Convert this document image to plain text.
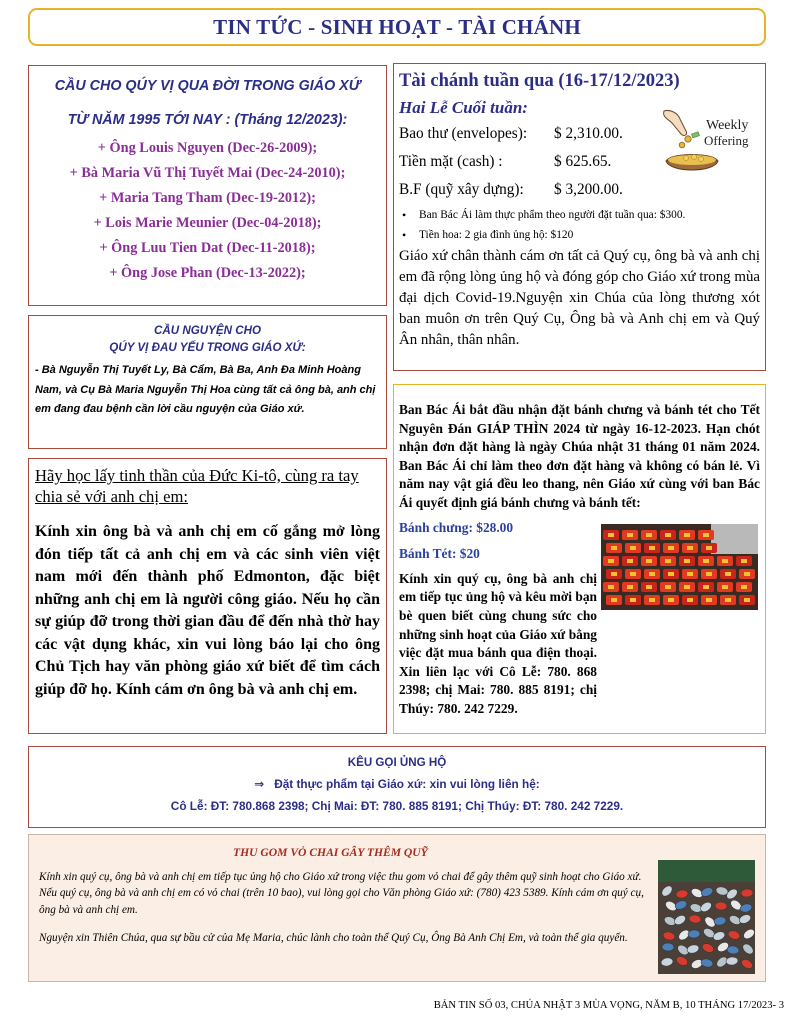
TIN TỨC - SINH HOẠT - TÀI CHÁNH
CẦU CHO QÚY VỊ QUA ĐỜI TRONG GIÁO XỨ
TỪ NĂM 1995 TỚI NAY : (Tháng 12/2023):
+ Ông Louis Nguyen (Dec-26-2009);
+ Bà Maria Vũ Thị Tuyết Mai (Dec-24-2010);
+ Maria Tang Tham (Dec-19-2012);
+ Lois Marie Meunier (Dec-04-2018);
+ Ông Luu Tien Dat (Dec-11-2018);
+ Ông Jose Phan (Dec-13-2022);
CẦU NGUYỆN CHO
QÚY VỊ ĐAU YẾU TRONG GIÁO XỨ:
- Bà Nguyễn Thị Tuyết Ly, Bà Cẩm, Bà Ba, Anh Đa Minh Hoàng Nam, và Cụ Bà Maria Nguyễn Thị Hoa cùng tất cả ông bà, anh chị em đang đau bệnh cần lời cầu nguyện của Giáo xứ.
Hãy học lấy tinh thần của Đức Ki-tô, cùng ra tay chia sẻ với anh chị em:
Kính xin ông bà và anh chị em cố gắng mở lòng đón tiếp tất cả anh chị em và các sinh viên việt nam mới đến thành phố Edmonton, đặc biệt những anh chị em là người công giáo. Nếu họ cần sự giúp đỡ trong thời gian đầu để đến nhà thờ hay các vật dụng khác, xin vui lòng báo lại cho ông Chủ Tịch hay văn phòng giáo xứ biết để tìm cách giúp đỡ họ. Kính cám ơn ông bà và anh chị em.
Tài chánh tuần qua (16-17/12/2023)
Hai Lễ Cuối tuần:
Bao thư (envelopes): $ 2,310.00.
Tiền mặt (cash) :	$ 625.65.
B.F (quỹ xây dựng): $ 3,200.00.
• Ban Bác Ái làm thực phẩm theo người đặt tuần qua: $300.
• Tiền hoa: 2 gia đình ủng hộ: $120
Giáo xứ chân thành cám ơn tất cả Quý cụ, ông bà và anh chị em đã rộng lòng ủng hộ và đóng góp cho Giáo xứ trong mùa đại dịch Covid-19.Nguyện xin Chúa của lòng thương xót ban muôn ơn trên Quý Cụ, Ông bà và Anh chị em và Quý Ân nhân, thân nhân.
Weekly
Offering
Ban Bác Ái bắt đầu nhận đặt bánh chưng và bánh tét cho Tết Nguyên Đán GIÁP THÌN 2024 từ ngày 16-12-2023. Hạn chót nhận đơn đặt hàng là ngày Chúa nhật 31 tháng 01 năm 2024. Ban Bác Ái chỉ làm theo đơn đặt hàng và không có bán lẻ. Vì năm nay vật giá đều leo thang, nên Giáo xứ cùng với ban Bác Ái quyết định giá bánh chưng và bánh tết:
Bánh chưng: $28.00
Bánh Tét: $20
Kính xin quý cụ, ông bà anh chị em tiếp tục ủng hộ và kêu mời bạn bè quen biết cùng chung sức cho những sinh hoạt của Giáo xứ bằng việc đặt mua bánh qua điện thoại. Xin liên lạc với Cô Lễ: 780. 868 2398; chị Mai: 780. 885 8191; chị Thúy: 780. 242 7229.
KÊU GỌI ỦNG HỘ
⇒ Đặt thực phẩm tại Giáo xứ: xin vui lòng liên hệ:
Cô Lễ: ĐT: 780.868 2398; Chị Mai: ĐT: 780. 885 8191; Chị Thúy: ĐT: 780. 242 7229.
THU GOM VỎ CHAI GÂY THÊM QUỸ
Kính xin quý cụ, ông bà và anh chị em tiếp tục ủng hộ cho Giáo xứ trong việc thu gom vỏ chai để gây thêm quỹ sinh hoạt cho Giáo xứ. Nếu quý cụ, ông bà và anh chị em có vỏ chai (trên 10 bao), vui lòng gọi cho Văn phòng Giáo xứ: (780) 423 5389. Kính cám ơn quý cụ, ông bà và anh chị em.
Nguyện xin Thiên Chúa, qua sự bầu cử của Mẹ Maria, chúc lành cho toàn thể Quý Cụ, Ông Bà Anh Chị Em, và toàn thể gia quyến.
BẢN TIN SỐ 03, CHÚA NHẬT 3 MÙA VỌNG, NĂM B, 10 THÁNG 17/2023- 3
